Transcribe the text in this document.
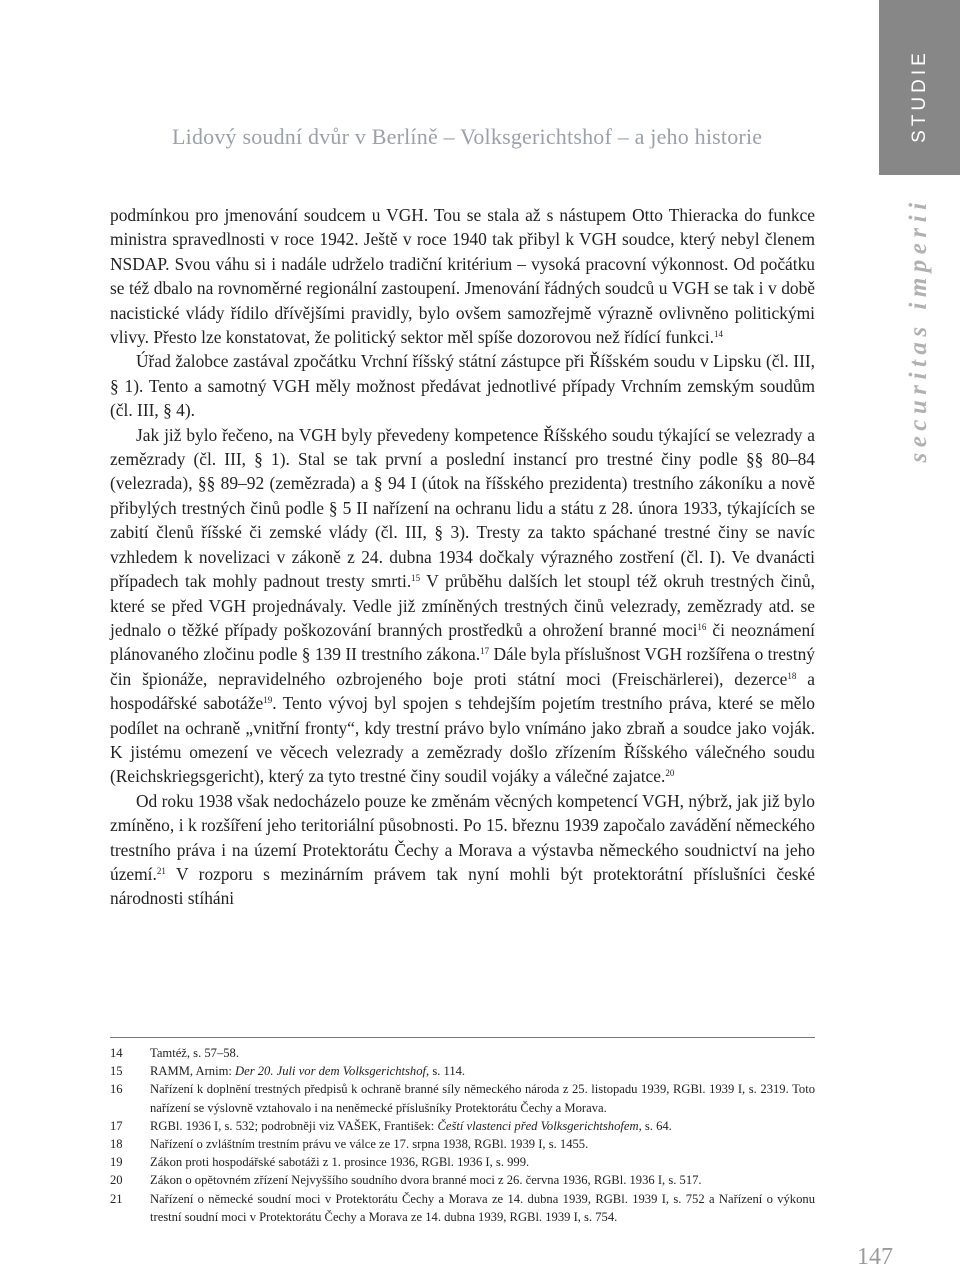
Lidový soudní dvůr v Berlíně – Volksgerichtshof – a jeho historie	STUDIE
securitas imperii

podmínkou pro jmenování soudcem u VGH. Tou se stala až s nástupem Otto Thieracka do funkce ministra spravedlnosti v roce 1942. Ještě v roce 1940 tak přibyl k VGH soudce, který nebyl členem NSDAP. Svou váhu si i nadále udrželo tradiční kritérium – vysoká pracovní výkonnost. Od počátku se též dbalo na rovnoměrné regionální zastoupení. Jmenování řádných soudců u VGH se tak i v době nacistické vlády řídilo dřívějšími pravidly, bylo ovšem samozřejmě výrazně ovlivněno politickými vlivy. Přesto lze konstatovat, že politický sektor měl spíše dozorovou než řídící funkci.$^{14}$

Úřad žalobce zastával zpočátku Vrchní říšský státní zástupce při Říšském soudu v Lipsku (čl. III, § 1). Tento a samotný VGH měly možnost předávat jednotlivé případy Vrchním zemským soudům (čl. III, § 4).

Jak již bylo řečeno, na VGH byly převedeny kompetence Říšského soudu týkající se velezrady a zemězrady (čl. III, § 1). Stal se tak první a poslední instancí pro trestné činy podle §§ 80–84 (velezrada), §§ 89–92 (zemězrada) a § 94 I (útok na říšského prezidenta) trestního zákoníku a nově přibylých trestných činů podle § 5 II nařízení na ochranu lidu a státu z 28. února 1933, týkajících se zabití členů říšské či zemské vlády (čl. III, § 3). Tresty za takto spáchané trestné činy se navíc vzhledem k novelizaci v zákoně z 24. dubna 1934 dočkaly výrazného zostření (čl. I). Ve dvanácti případech tak mohly padnout tresty smrti.$^{15}$ V průběhu dalších let stoupl též okruh trestných činů, které se před VGH projednávaly. Vedle již zmíněných trestných činů velezrady, zemězrady atd. se jednalo o těžké případy poškozování branných prostředků a ohrožení branné moci$^{16}$ či neoznámení plánovaného zločinu podle § 139 II trestního zákona.$^{17}$ Dále byla příslušnost VGH rozšířena o trestný čin špionáže, nepravidelného ozbrojeného boje proti státní moci (Freischärlerei), dezerce$^{18}$ a hospodářské sabotáže$^{19}$. Tento vývoj byl spojen s tehdejším pojetím trestního práva, které se mělo podílet na ochraně „vnitřní fronty“, kdy trestní právo bylo vnímáno jako zbraň a soudce jako voják. K jistému omezení ve věcech velezrady a zemězrady došlo zřízením Říšského válečného soudu (Reichskriegsgericht), který za tyto trestné činy soudil vojáky a válečné zajatce.$^{20}$

Od roku 1938 však nedocházelo pouze ke změnám věcných kompetencí VGH, nýbrž, jak již bylo zmíněno, i k rozšíření jeho teritoriální působnosti. Po 15. březnu 1939 započalo zavádění německého trestního práva i na území Protektorátu Čechy a Morava a výstavba německého soudnictví na jeho území.$^{21}$ V rozporu s mezinárním právem tak nyní mohli být protektorátní příslušníci české národnosti stíháni

14	Tamtéž, s. 57–58.
15	RAMM, Arnim: Der 20. Juli vor dem Volksgerichtshof, s. 114.
16	Nařízení k doplnění trestných předpisů k ochraně branné síly německého národa z 25. listopadu 1939, RGBl. 1939 I, s. 2319. Toto nařízení se výslovně vztahovalo i na neněmecké příslušníky Protektorátu Čechy a Morava.
17	RGBl. 1936 I, s. 532; podrobněji viz VAŠEK, František: Čeští vlastenci před Volksgerichtshofem, s. 64.
18	Nařízení o zvláštním trestním právu ve válce ze 17. srpna 1938, RGBl. 1939 I, s. 1455.
19	Zákon proti hospodářské sabotáži z 1. prosince 1936, RGBl. 1936 I, s. 999.
20	Zákon o opětovném zřízení Nejvyššího soudního dvora branné moci z 26. června 1936, RGBl. 1936 I, s. 517.
21	Nařízení o německé soudní moci v Protektorátu Čechy a Morava ze 14. dubna 1939, RGBl. 1939 I, s. 752 a Nařízení o výkonu trestní soudní moci v Protektorátu Čechy a Morava ze 14. dubna 1939, RGBl. 1939 I, s. 754.
147
